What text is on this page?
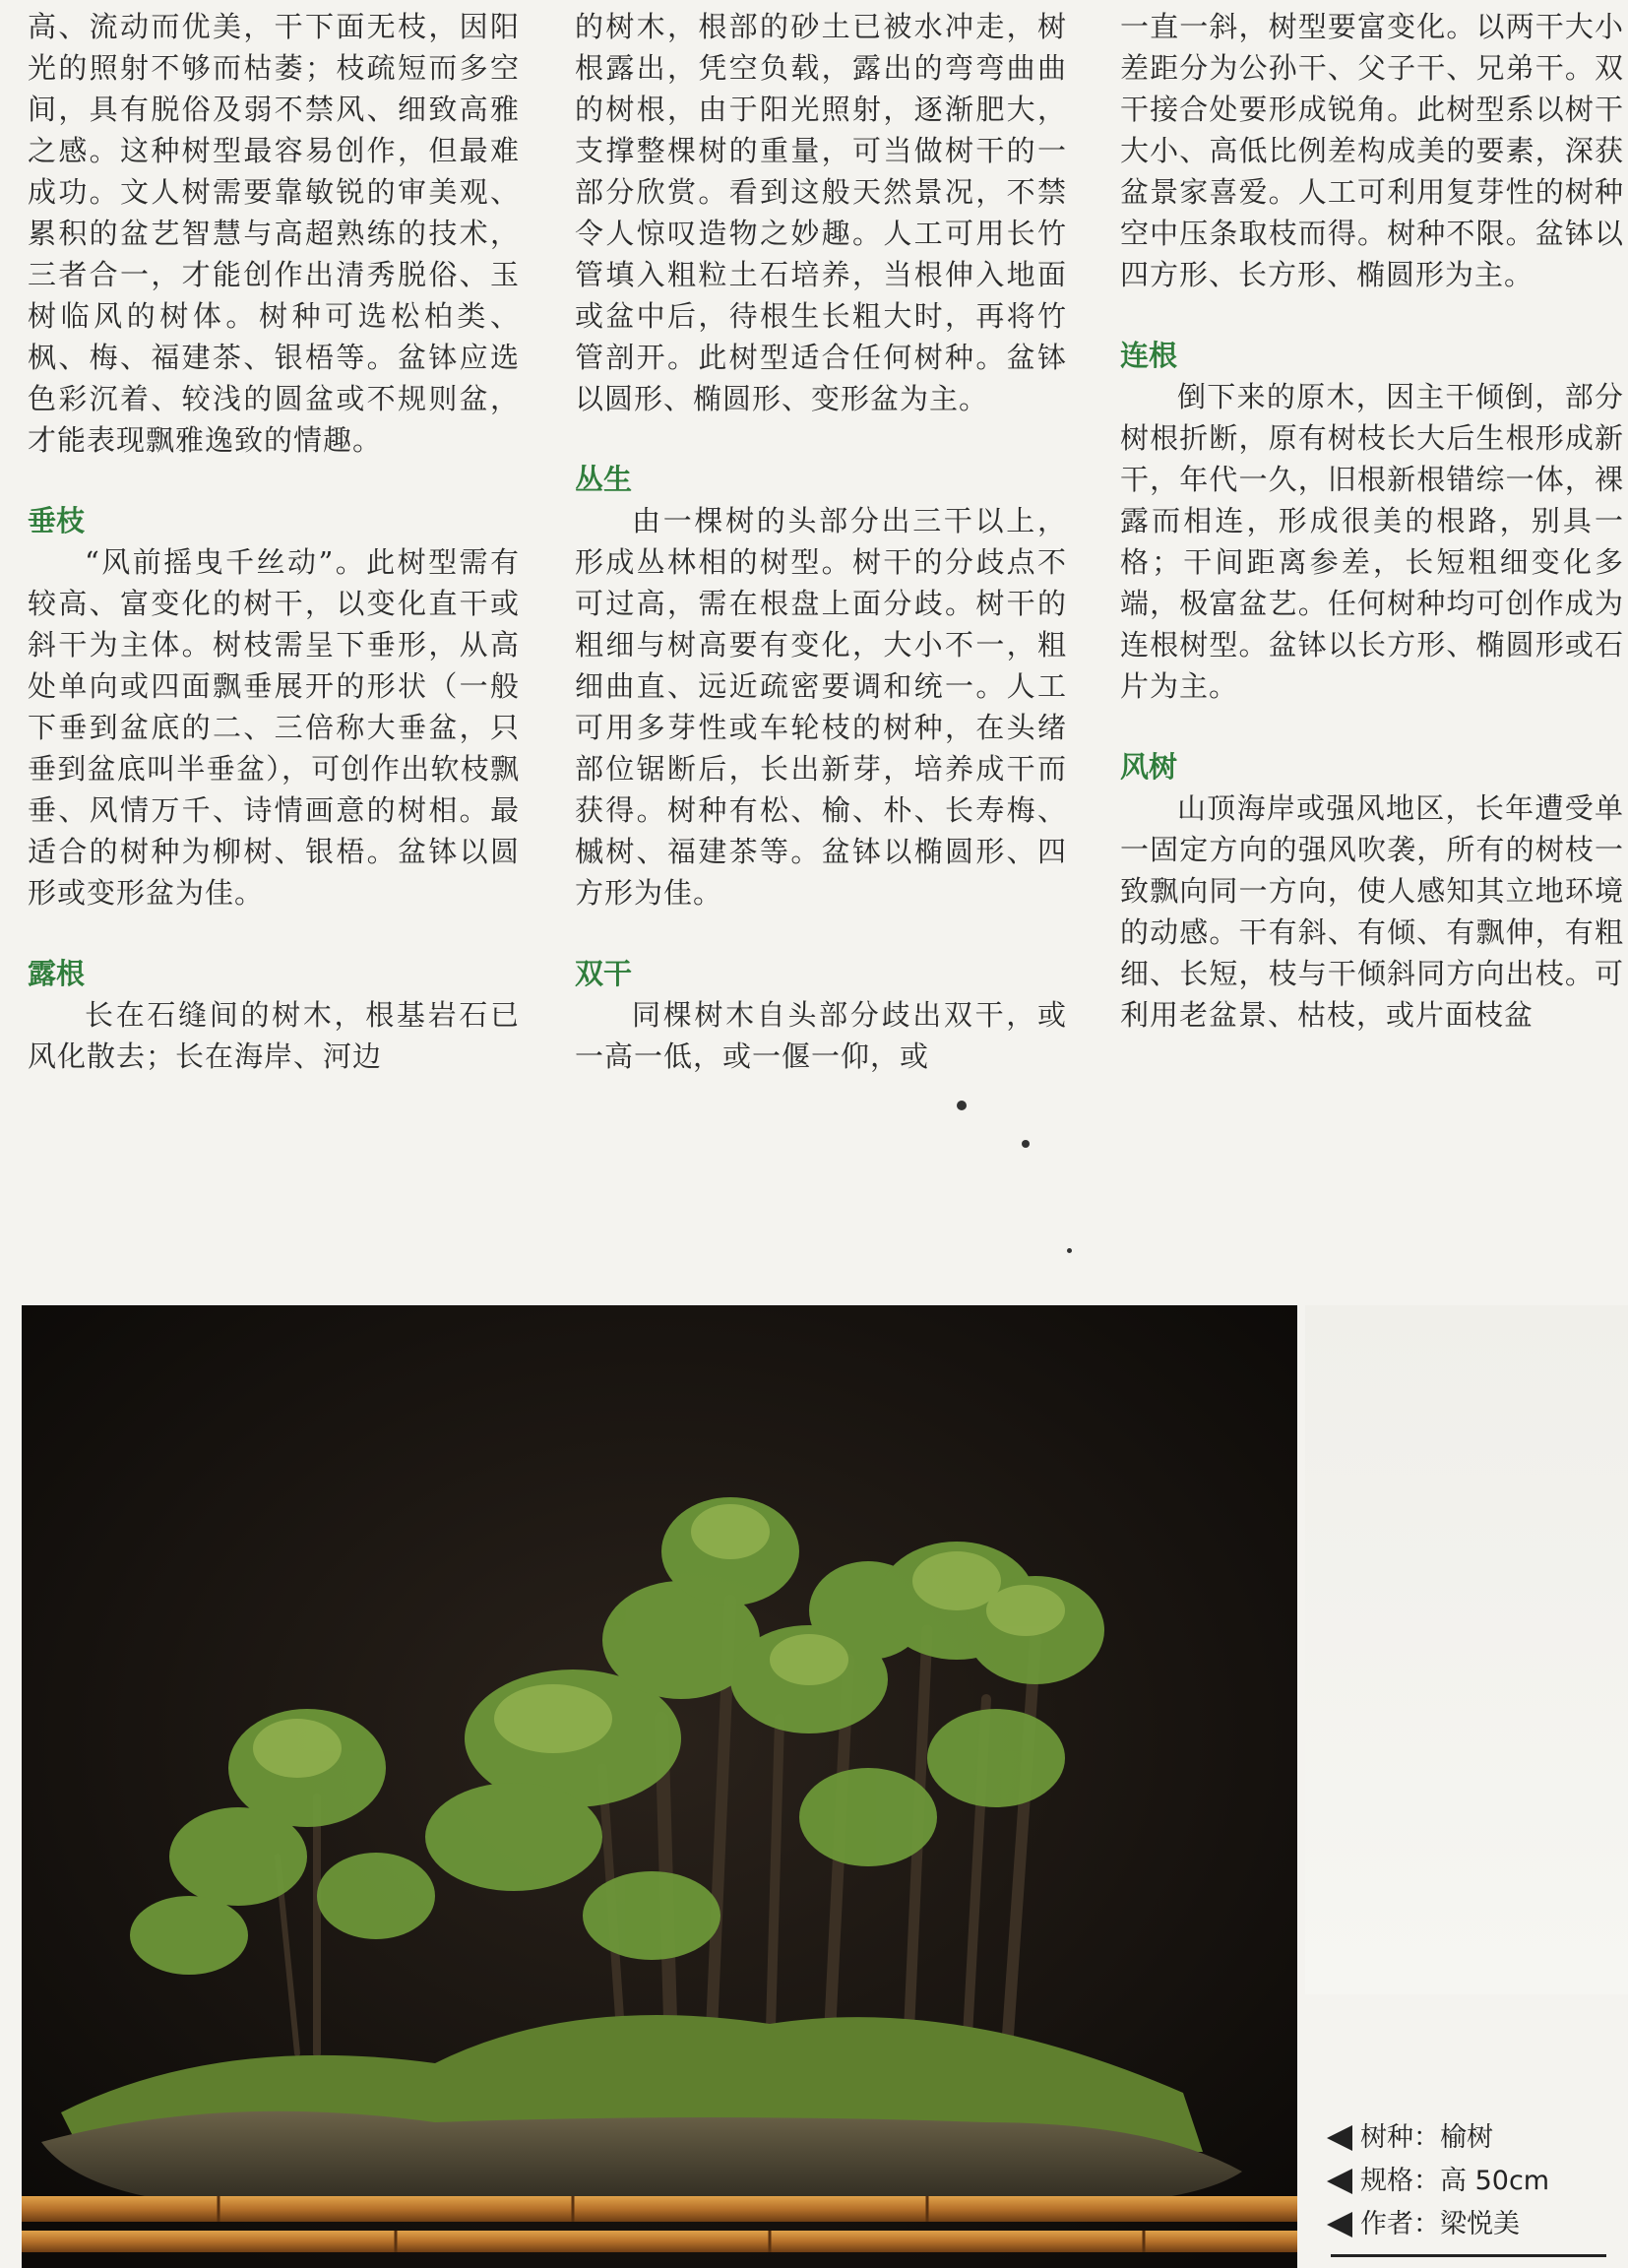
高、流动而优美，干下面无枝，因阳光的照射不够而枯萎；枝疏短而多空间，具有脱俗及弱不禁风、细致高雅之感。这种树型最容易创作，但最难成功。文人树需要靠敏锐的审美观、累积的盆艺智慧与高超熟练的技术，三者合一，才能创作出清秀脱俗、玉树临风的树体。树种可选松柏类、枫、梅、福建茶、银梧等。盆钵应选色彩沉着、较浅的圆盆或不规则盆，才能表现飘雅逸致的情趣。

垂枝

“风前摇曳千丝动”。此树型需有较高、富变化的树干，以变化直干或斜干为主体。树枝需呈下垂形，从高处单向或四面飘垂展开的形状（一般下垂到盆底的二、三倍称大垂盆，只垂到盆底叫半垂盆），可创作出软枝飘垂、风情万千、诗情画意的树相。最适合的树种为柳树、银梧。盆钵以圆形或变形盆为佳。

露根

长在石缝间的树木，根基岩石已风化散去；长在海岸、河边

的树木，根部的砂土已被水冲走，树根露出，凭空负载，露出的弯弯曲曲的树根，由于阳光照射，逐渐肥大，支撑整棵树的重量，可当做树干的一部分欣赏。看到这般天然景况，不禁令人惊叹造物之妙趣。人工可用长竹管填入粗粒土石培养，当根伸入地面或盆中后，待根生长粗大时，再将竹管剖开。此树型适合任何树种。盆钵以圆形、椭圆形、变形盆为主。

丛生

由一棵树的头部分出三干以上，形成丛林相的树型。树干的分歧点不可过高，需在根盘上面分歧。树干的粗细与树高要有变化，大小不一，粗细曲直、远近疏密要调和统一。人工可用多芽性或车轮枝的树种，在头绪部位锯断后，长出新芽，培养成干而获得。树种有松、榆、朴、长寿梅、槭树、福建茶等。盆钵以椭圆形、四方形为佳。

双干

同棵树木自头部分歧出双干，或一高一低，或一偃一仰，或

一直一斜，树型要富变化。以两干大小差距分为公孙干、父子干、兄弟干。双干接合处要形成锐角。此树型系以树干大小、高低比例差构成美的要素，深获盆景家喜爱。人工可利用复芽性的树种空中压条取枝而得。树种不限。盆钵以四方形、长方形、椭圆形为主。

连根

倒下来的原木，因主干倾倒，部分树根折断，原有树枝长大后生根形成新干，年代一久，旧根新根错综一体，裸露而相连，形成很美的根路，别具一格；干间距离参差，长短粗细变化多端，极富盆艺。任何树种均可创作成为连根树型。盆钵以长方形、椭圆形或石片为主。

风树

山顶海岸或强风地区，长年遭受单一固定方向的强风吹袭，所有的树枝一致飘向同一方向，使人感知其立地环境的动感。干有斜、有倾、有飘伸，有粗细、长短，枝与干倾斜同方向出枝。可利用老盆景、枯枝，或片面枝盆

树种：榆树
规格：高 50cm
作者：梁悦美
